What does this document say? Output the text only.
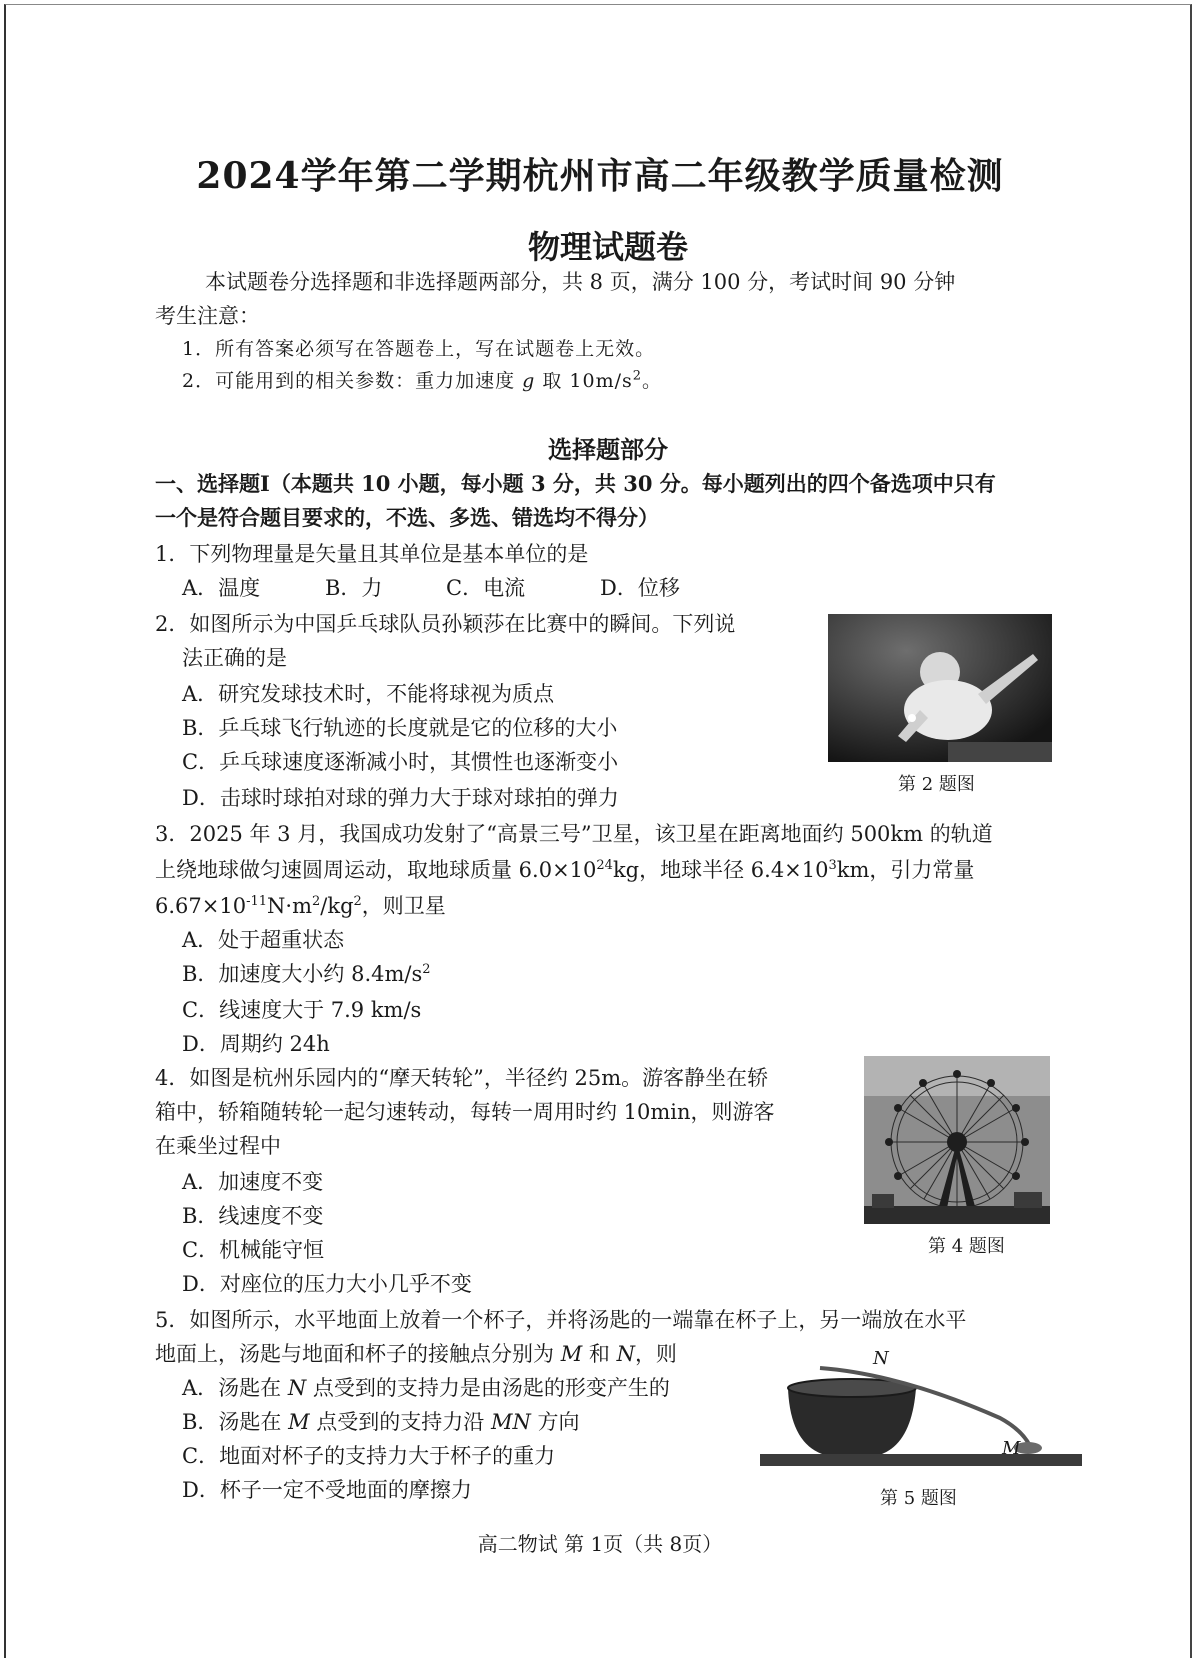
2024学年第二学期杭州市高二年级教学质量检测
物理试题卷
本试题卷分选择题和非选择题两部分，共 8 页，满分 100 分，考试时间 90 分钟
考生注意：
1．所有答案必须写在答题卷上，写在试题卷上无效。
2．可能用到的相关参数：重力加速度 g 取 $10m/s^2$。
选择题部分
一、选择题Ⅰ（本题共 10 小题，每小题 3 分，共 30 分。每小题列出的四个备选项中只有
一个是符合题目要求的，不选、多选、错选均不得分）
1．下列物理量是矢量且其单位是基本单位的是
A．温度	B．力	C．电流	D．位移
2．如图所示为中国乒乓球队员孙颖莎在比赛中的瞬间。下列说
法正确的是
A．研究发球技术时，不能将球视为质点
B．乒乓球飞行轨迹的长度就是它的位移的大小
C．乒乓球速度逐渐减小时，其惯性也逐渐变小
D．击球时球拍对球的弹力大于球对球拍的弹力
第 2 题图
3．2025 年 3 月，我国成功发射了“高景三号”卫星，该卫星在距离地面约 500km 的轨道
上绕地球做匀速圆周运动，取地球质量 $6.0\times 10^{24}kg$，地球半径 $6.4\times 10^3km$，引力常量
$6.67\times 10^{-11}N\cdot m^2/kg^2$，则卫星
A．处于超重状态
B．加速度大小约 $8.4m/s^2$
C．线速度大于 7.9 km/s
D．周期约 24h
4．如图是杭州乐园内的“摩天转轮”，半径约 25m。游客静坐在轿
箱中，轿箱随转轮一起匀速转动，每转一周用时约 10min，则游客
在乘坐过程中
A．加速度不变
B．线速度不变
C．机械能守恒
D．对座位的压力大小几乎不变
第 4 题图
5．如图所示，水平地面上放着一个杯子，并将汤匙的一端靠在杯子上，另一端放在水平
地面上，汤匙与地面和杯子的接触点分别为 M 和 N，则
A．汤匙在 N 点受到的支持力是由汤匙的形变产生的
B．汤匙在 M 点受到的支持力沿 MN 方向
C．地面对杯子的支持力大于杯子的重力
D．杯子一定不受地面的摩擦力
N
M
第 5 题图
高二物试 第 1页（共 8页）
